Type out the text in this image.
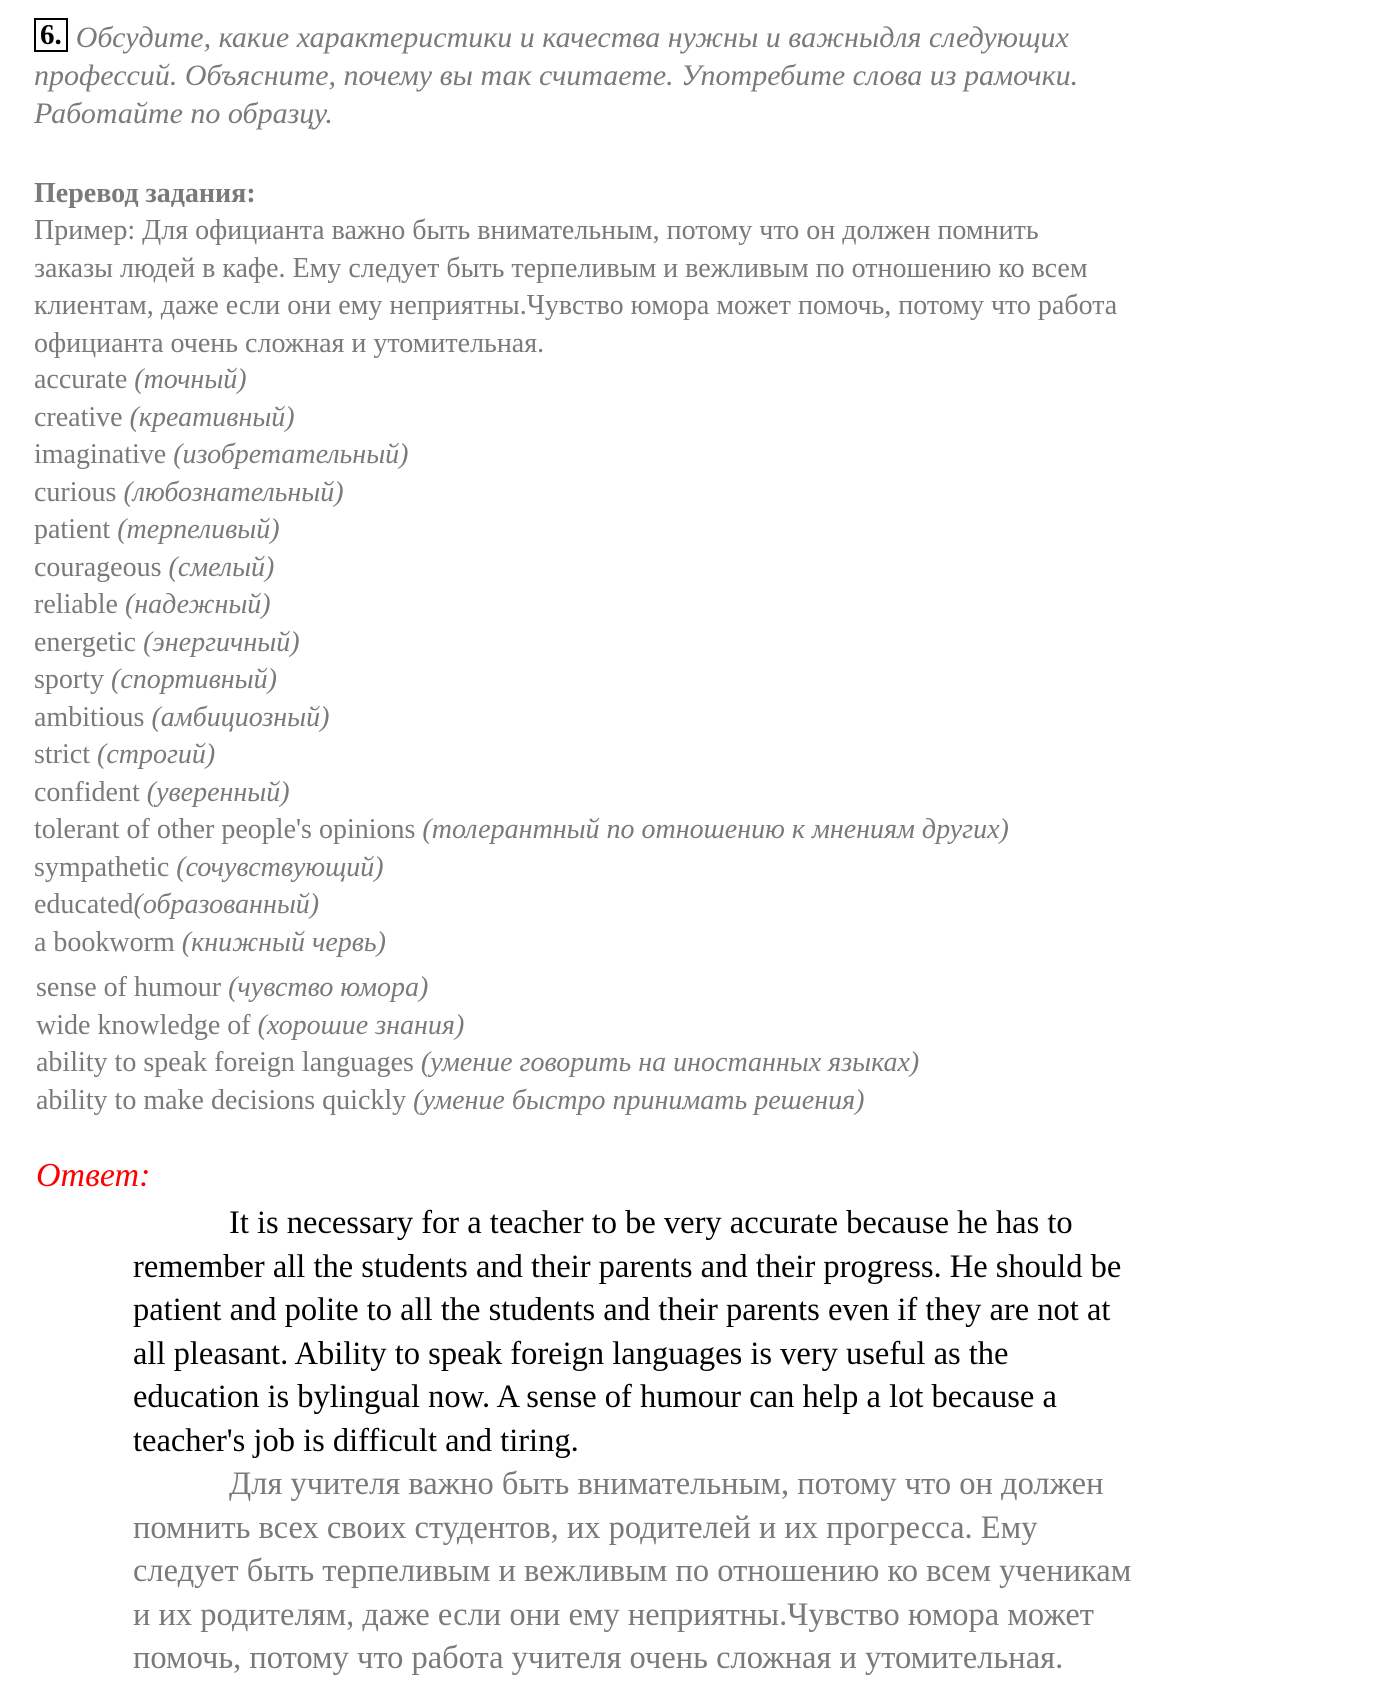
6. Обсудите, какие характеристики и качества нужны и важныдля следующих
профессий. Объясните, почему вы так считаете. Употребите слова из рамочки.
Работайте по образцу.
Перевод задания:
Пример: Для официанта важно быть внимательным, потому что он должен помнить
заказы людей в кафе. Ему следует быть терпеливым и вежливым по отношению ко всем
клиентам, даже если они ему неприятны.Чувство юмора может помочь, потому что работа
официанта очень сложная и утомительная.
accurate (точный)
creative (креативный)
imaginative (изобретательный)
curious (любознательный)
patient (терпеливый)
courageous (смелый)
reliable (надежный)
energetic (энергичный)
sporty (спортивный)
ambitious (амбициозный)
strict (строгий)
confident (уверенный)
tolerant of other people's opinions (толерантный по отношению к мнениям других)
sympathetic (сочувствующий)
educated(образованный)
a bookworm (книжный червь)
sense of humour (чувство юмора)
wide knowledge of (хорошие знания)
ability to speak foreign languages (умение говорить на иностанных языках)
ability to make decisions quickly (умение быстро принимать решения)
Ответ:
It is necessary for a teacher to be very accurate because he has to
remember all the students and their parents and their progress. He should be
patient and polite to all the students and their parents even if they are not at
all pleasant. Ability to speak foreign languages is very useful as the
education is bylingual now. A sense of humour can help a lot because a
teacher's job is difficult and tiring.
Для учителя важно быть внимательным, потому что он должен
помнить всех своих студентов, их родителей и их прогресса. Ему
следует быть терпеливым и вежливым по отношению ко всем ученикам
и их родителям, даже если они ему неприятны.Чувство юмора может
помочь, потому что работа учителя очень сложная и утомительная.
